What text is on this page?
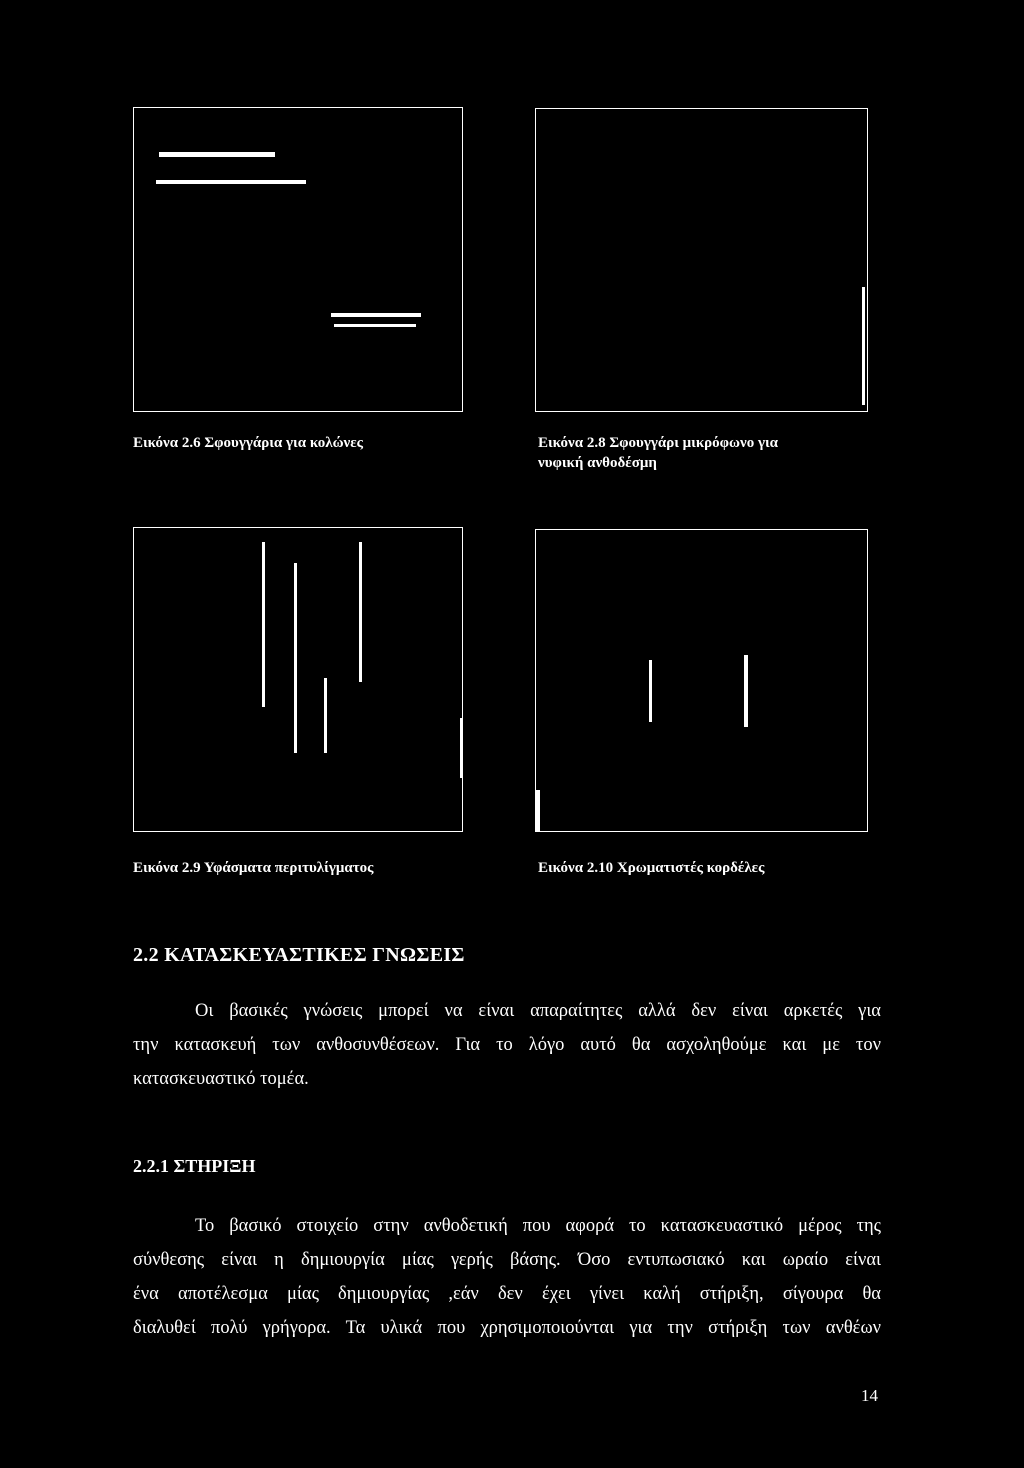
Εικόνα 2.6 Σφουγγάρια για κολώνες	Εικόνα 2.8 Σφουγγάρι μικρόφωνο για
νυφική ανθοδέσμη
Εικόνα 2.9 Υφάσματα περιτυλίγματος	Εικόνα 2.10 Χρωματιστές κορδέλες
2.2 ΚΑΤΑΣΚΕΥΑΣΤΙΚΕΣ ΓΝΩΣΕΙΣ
Οι βασικές γνώσεις μπορεί να είναι απαραίτητες αλλά δεν είναι αρκετές για
την κατασκευή των ανθοσυνθέσεων. Για το λόγο αυτό θα ασχοληθούμε και με τον
κατασκευαστικό τομέα.
2.2.1 ΣΤΗΡΙΞΗ
Το βασικό στοιχείο στην ανθοδετική που αφορά το κατασκευαστικό μέρος της
σύνθεσης είναι η δημιουργία μίας γερής βάσης. Όσο εντυπωσιακό και ωραίο είναι
ένα αποτέλεσμα μίας δημιουργίας ,εάν δεν έχει γίνει καλή στήριξη, σίγουρα θα
διαλυθεί πολύ γρήγορα. Τα υλικά που χρησιμοποιούνται για την στήριξη των ανθέων
14
